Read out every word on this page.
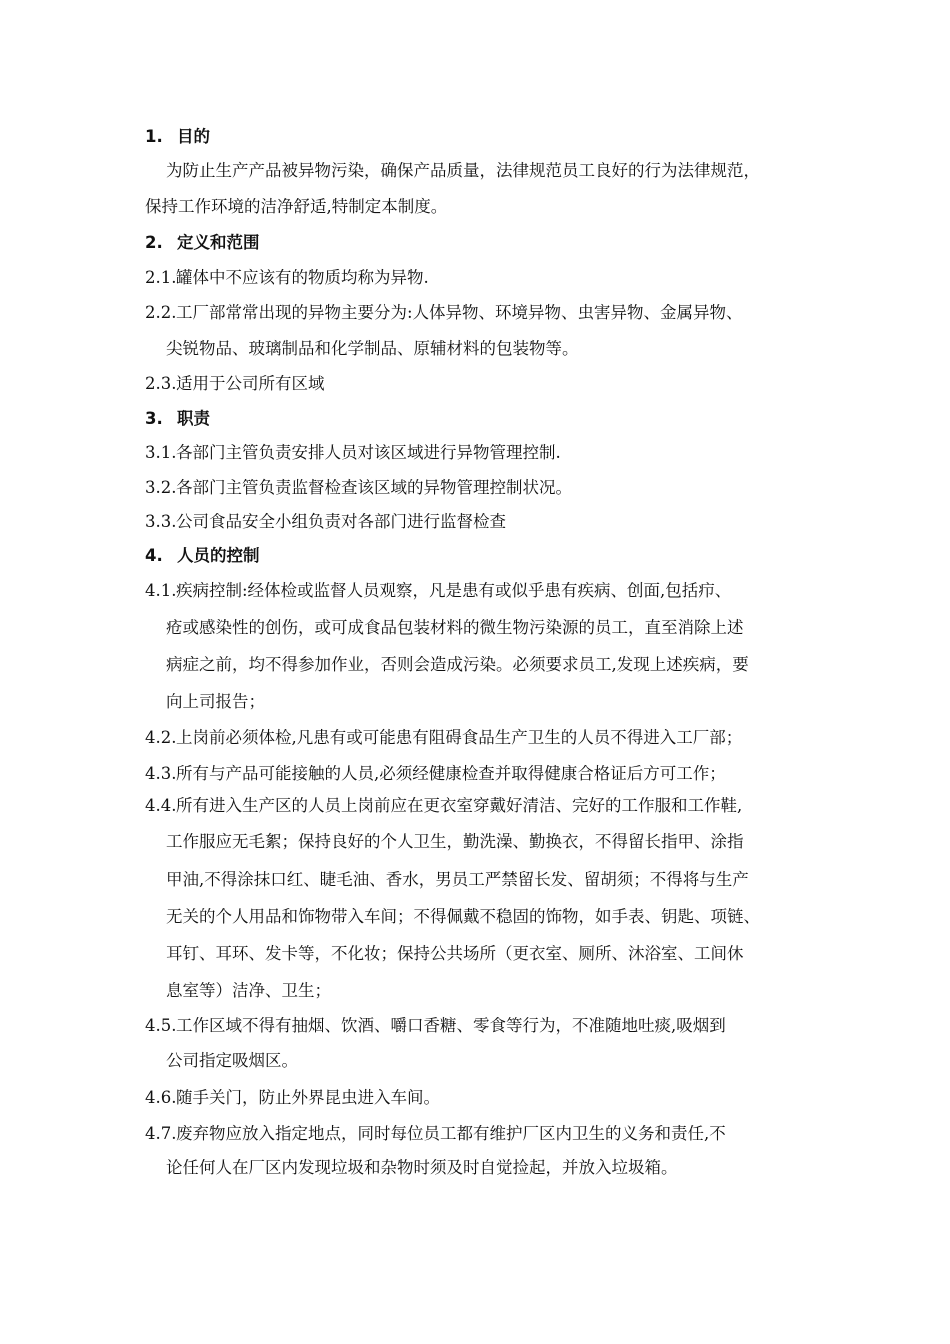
1. 目的
为防止生产产品被异物污染，确保产品质量，法律规范员工良好的行为法律规范，
保持工作环境的洁净舒适,特制定本制度。
2. 定义和范围
2.1.罐体中不应该有的物质均称为异物.
2.2.工厂部常常出现的异物主要分为:人体异物、环境异物、虫害异物、金属异物、
尖锐物品、玻璃制品和化学制品、原辅材料的包装物等。
2.3.适用于公司所有区域
3. 职责
3.1.各部门主管负责安排人员对该区域进行异物管理控制.
3.2.各部门主管负责监督检查该区域的异物管理控制状况。
3.3.公司食品安全小组负责对各部门进行监督检查
4. 人员的控制
4.1.疾病控制:经体检或监督人员观察，凡是患有或似乎患有疾病、创面,包括疖、
疮或感染性的创伤，或可成食品包装材料的微生物污染源的员工，直至消除上述
病症之前，均不得参加作业，否则会造成污染。必须要求员工,发现上述疾病，要
向上司报告；
4.2.上岗前必须体检,凡患有或可能患有阻碍食品生产卫生的人员不得进入工厂部；
4.3.所有与产品可能接触的人员,必须经健康检查并取得健康合格证后方可工作；
4.4.所有进入生产区的人员上岗前应在更衣室穿戴好清洁、完好的工作服和工作鞋,
工作服应无毛絮；保持良好的个人卫生，勤洗澡、勤换衣，不得留长指甲、涂指
甲油,不得涂抹口红、睫毛油、香水，男员工严禁留长发、留胡须；不得将与生产
无关的个人用品和饰物带入车间；不得佩戴不稳固的饰物，如手表、钥匙、项链、
耳钉、耳环、发卡等，不化妆；保持公共场所（更衣室、厕所、沐浴室、工间休
息室等）洁净、卫生；
4.5.工作区域不得有抽烟、饮酒、嚼口香糖、零食等行为，不准随地吐痰,吸烟到
公司指定吸烟区。
4.6.随手关门，防止外界昆虫进入车间。
4.7.废弃物应放入指定地点，同时每位员工都有维护厂区内卫生的义务和责任,不
论任何人在厂区内发现垃圾和杂物时须及时自觉捡起，并放入垃圾箱。
